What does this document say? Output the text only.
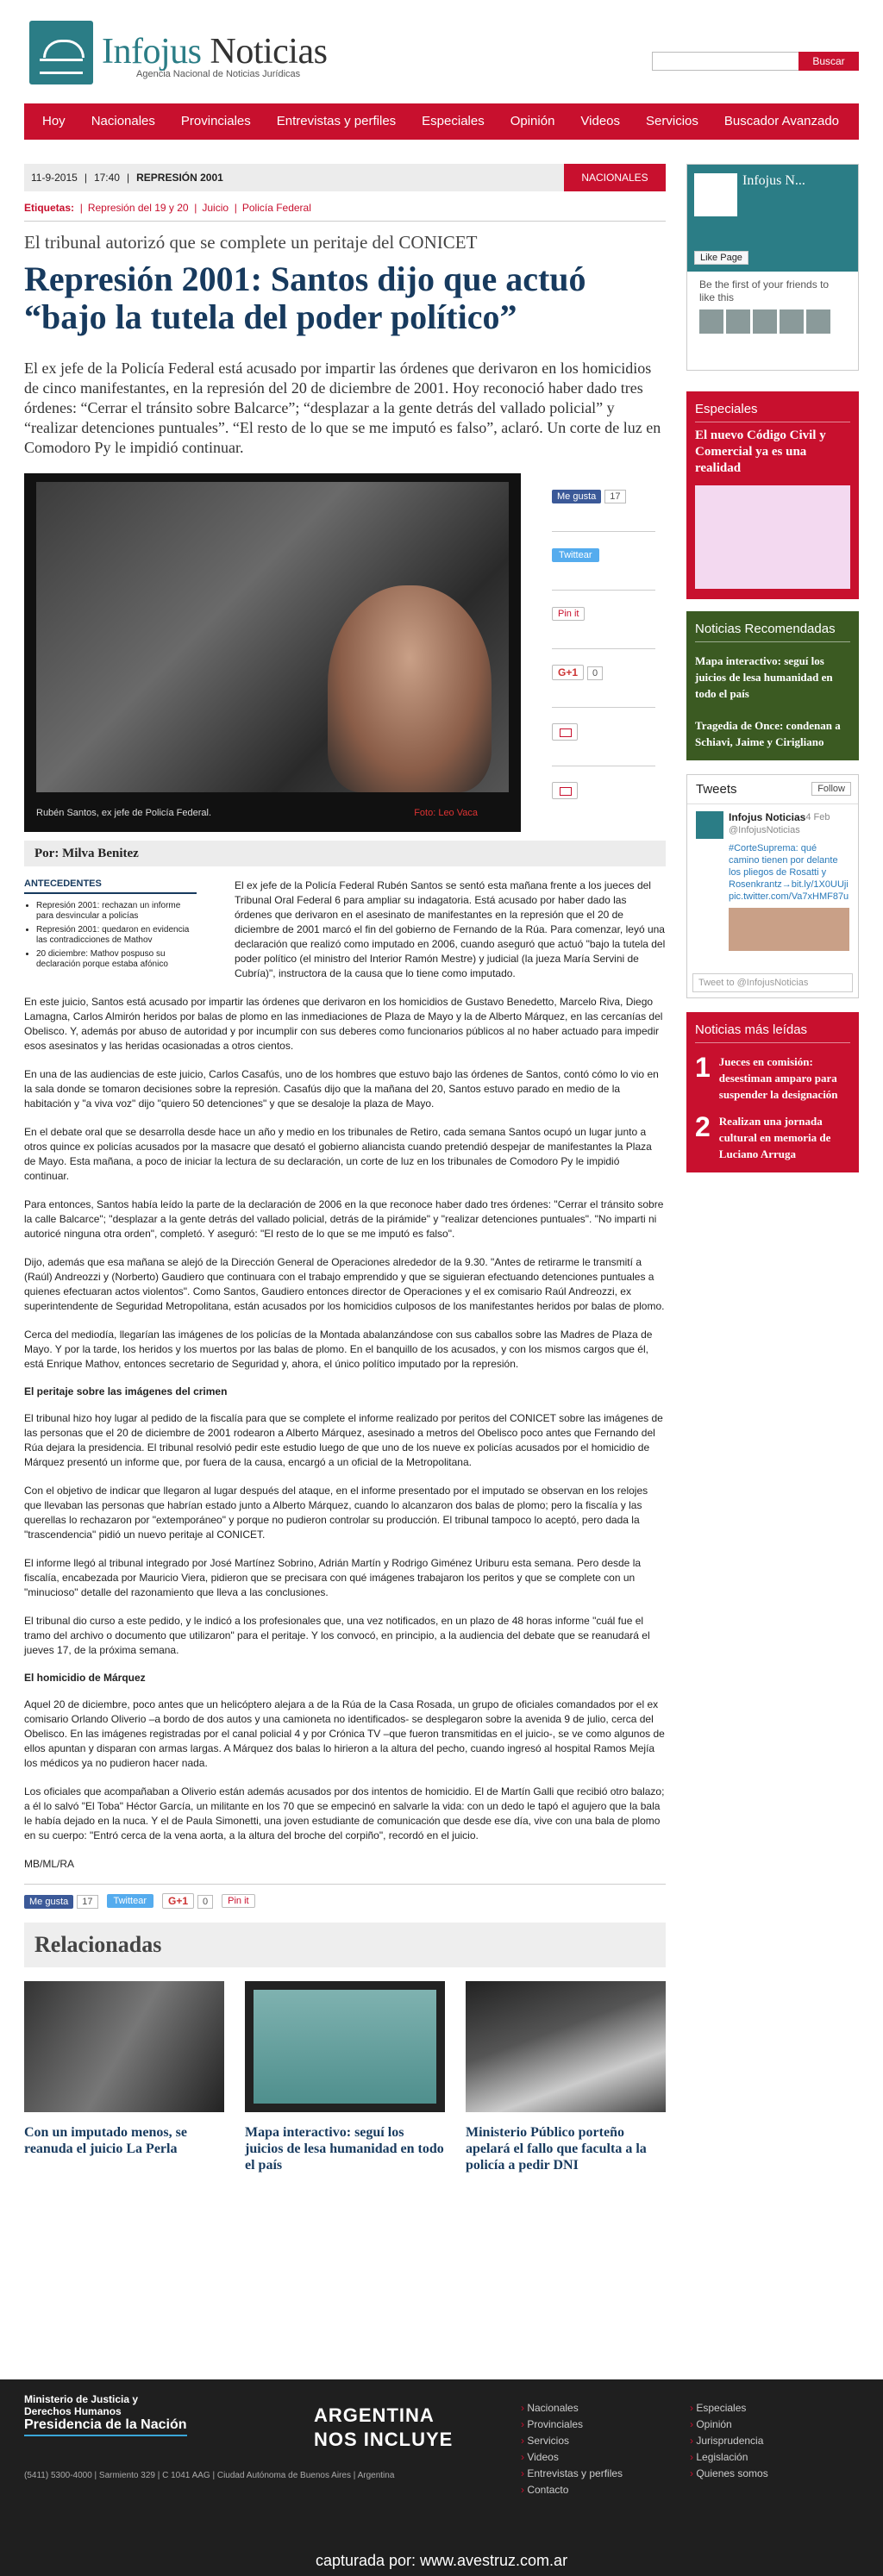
Infojus Noticias
Agencia Nacional de Noticias Jurídicas
Buscar
Hoy	Nacionales	Provinciales	Entrevistas y perfiles	Especiales	Opinión	Videos	Servicios	Buscador Avanzado
11-9-2015 | 17:40 | REPRESIÓN 2001	NACIONALES
Etiquetas:  | Represión del 19 y 20  | Juicio  | Policía Federal
El tribunal autorizó que se complete un peritaje del CONICET
Represión 2001: Santos dijo que actuó “bajo la tutela del poder político”
El ex jefe de la Policía Federal está acusado por impartir las órdenes que derivaron en los homicidios de cinco manifestantes, en la represión del 20 de diciembre de 2001. Hoy reconoció haber dado tres órdenes: “Cerrar el tránsito sobre Balcarce”; “desplazar a la gente detrás del vallado policial” y “realizar detenciones puntuales”. “El resto de lo que se me imputó es falso”, aclaró. Un corte de luz en Comodoro Py le impidió continuar.
Rubén Santos, ex jefe de Policía Federal.	Foto: Leo Vaca
Me gusta 17
Twittear
Pin it
G+1 0
Por: Milva Benitez
ANTECEDENTES
• Represión 2001: rechazan un informe para desvincular a policías
• Represión 2001: quedaron en evidencia las contradicciones de Mathov
• 20 diciembre: Mathov pospuso su declaración porque estaba afónico
El ex jefe de la Policía Federal Rubén Santos se sentó esta mañana frente a los jueces del Tribunal Oral Federal 6 para ampliar su indagatoria. Está acusado por haber dado las órdenes que derivaron en el asesinato de manifestantes en la represión que el 20 de diciembre de 2001 marcó el fin del gobierno de Fernando de la Rúa. Para comenzar, leyó una declaración que realizó como imputado en 2006, cuando aseguró que actuó "bajo la tutela del poder político (el ministro del Interior Ramón Mestre) y judicial (la jueza María Servini de Cubría)", instructora de la causa que lo tiene como imputado.

En este juicio, Santos está acusado por impartir las órdenes que derivaron en los homicidios de Gustavo Benedetto, Marcelo Riva, Diego Lamagna, Carlos Almirón heridos por balas de plomo en las inmediaciones de Plaza de Mayo y la de Alberto Márquez, en las cercanías del Obelisco. Y, además por abuso de autoridad y por incumplir con sus deberes como funcionarios públicos al no haber actuado para impedir esos asesinatos y las heridas ocasionadas a otros cientos.

En una de las audiencias de este juicio, Carlos Casafús, uno de los hombres que estuvo bajo las órdenes de Santos, contó cómo lo vio en la sala donde se tomaron decisiones sobre la represión. Casafús dijo que la mañana del 20, Santos estuvo parado en medio de la habitación y "a viva voz" dijo "quiero 50 detenciones" y que se desaloje la plaza de Mayo.

En el debate oral que se desarrolla desde hace un año y medio en los tribunales de Retiro, cada semana Santos ocupó un lugar junto a otros quince ex policías acusados por la masacre que desató el gobierno aliancista cuando pretendió despejar de manifestantes la Plaza de Mayo. Esta mañana, a poco de iniciar la lectura de su declaración, un corte de luz en los tribunales de Comodoro Py le impidió continuar.

Para entonces, Santos había leído la parte de la declaración de 2006 en la que reconoce haber dado tres órdenes: "Cerrar el tránsito sobre la calle Balcarce"; "desplazar a la gente detrás del vallado policial, detrás de la pirámide" y "realizar detenciones puntuales". "No imparti ni autoricé ninguna otra orden", completó. Y aseguró: "El resto de lo que se me imputó es falso".

Dijo, además que esa mañana se alejó de la Dirección General de Operaciones alrededor de la 9.30. "Antes de retirarme le transmití a (Raúl) Andreozzi y (Norberto) Gaudiero que continuara con el trabajo emprendido y que se siguieran efectuando detenciones puntuales a quienes efectuaran actos violentos". Como Santos, Gaudiero entonces director de Operaciones y el ex comisario Raúl Andreozzi, ex superintendente de Seguridad Metropolitana, están acusados por los homicidios culposos de los manifestantes heridos por balas de plomo.

Cerca del mediodía, llegarían las imágenes de los policías de la Montada abalanzándose con sus caballos sobre las Madres de Plaza de Mayo. Y por la tarde, los heridos y los muertos por las balas de plomo. En el banquillo de los acusados, y con los mismos cargos que él, está Enrique Mathov, entonces secretario de Seguridad y, ahora, el único político imputado por la represión.

El peritaje sobre las imágenes del crimen

El tribunal hizo hoy lugar al pedido de la fiscalía para que se complete el informe realizado por peritos del CONICET sobre las imágenes de las personas que el 20 de diciembre de 2001 rodearon a Alberto Márquez, asesinado a metros del Obelisco poco antes que Fernando del Rúa dejara la presidencia. El tribunal resolvió pedir este estudio luego de que uno de los nueve ex policías acusados por el homicidio de Márquez presentó un informe que, por fuera de la causa, encargó a un oficial de la Metropolitana.

Con el objetivo de indicar que llegaron al lugar después del ataque, en el informe presentado por el imputado se observan en los relojes que llevaban las personas que habrían estado junto a Alberto Márquez, cuando lo alcanzaron dos balas de plomo; pero la fiscalía y las querellas lo rechazaron por "extemporáneo" y porque no pudieron controlar su producción. El tribunal tampoco lo aceptó, pero dada la "trascendencia" pidió un nuevo peritaje al CONICET.

El informe llegó al tribunal integrado por José Martínez Sobrino, Adrián Martín y Rodrigo Giménez Uriburu esta semana. Pero desde la fiscalía, encabezada por Mauricio Viera, pidieron que se precisara con qué imágenes trabajaron los peritos y que se complete con un "minucioso" detalle del razonamiento que lleva a las conclusiones.

El tribunal dio curso a este pedido, y le indicó a los profesionales que, una vez notificados, en un plazo de 48 horas informe "cuál fue el tramo del archivo o documento que utilizaron" para el peritaje. Y los convocó, en principio, a la audiencia del debate que se reanudará el jueves 17, de la próxima semana.

El homicidio de Márquez

Aquel 20 de diciembre, poco antes que un helicóptero alejara a de la Rúa de la Casa Rosada, un grupo de oficiales comandados por el ex comisario Orlando Oliverio –a bordo de dos autos y una camioneta no identificados- se desplegaron sobre la avenida 9 de julio, cerca del Obelisco. En las imágenes registradas por el canal policial 4 y por Crónica TV –que fueron transmitidas en el juicio-, se ve como algunos de ellos apuntan y disparan con armas largas. A Márquez dos balas lo hirieron a la altura del pecho, cuando ingresó al hospital Ramos Mejía los médicos ya no pudieron hacer nada.

Los oficiales que acompañaban a Oliverio están además acusados por dos intentos de homicidio. El de Martín Galli que recibió otro balazo; a él lo salvó "El Toba" Héctor García, un militante en los 70 que se empecinó en salvarle la vida: con un dedo le tapó el agujero que la bala le había dejado en la nuca. Y el de Paula Simonetti, una joven estudiante de comunicación que desde ese día, vive con una bala de plomo en su cuerpo: "Entró cerca de la vena aorta, a la altura del broche del corpiño", recordó en el juicio.

MB/ML/RA

Me gusta 17	Twittear	G+1 0	Pin it
Relacionadas
Con un imputado menos, se reanuda el juicio La Perla
Mapa interactivo: seguí los juicios de lesa humanidad en todo el país
Ministerio Público porteño apelará el fallo que faculta a la policía a pedir DNI
Infojus N...
Like Page
Be the first of your friends to like this
Especiales
El nuevo Código Civil y Comercial ya es una realidad
Noticias Recomendadas
Mapa interactivo: seguí los juicios de lesa humanidad en todo el país
Tragedia de Once: condenan a Schiavi, Jaime y Cirigliano
Tweets	Follow
Infojus Noticias 4 Feb

@InfojusNoticias
#CorteSuprema: qué camino tienen por delante los pliegos de Rosatti y Rosenkrantz→bit.ly/1X0UUji pic.twitter.com/Va7xHMF87u
Tweet to @InfojusNoticias
Noticias más leídas
1 Jueces en comisión: desestiman amparo para suspender la designación
2 Realizan una jornada cultural en memoria de Luciano Arruga
Ministerio de Justicia y Derechos Humanos
Presidencia de la Nación	ARGENTINA
NOS INCLUYE
(5411) 5300-4000 | Sarmiento 329 | C 1041 AAG | Ciudad Autónoma de Buenos Aires | Argentina
› Nacionales
› Provinciales
› Servicios
› Videos
› Entrevistas y perfiles
› Contacto
› Especiales
› Opinión
› Jurisprudencia
› Legislación
› Quienes somos
capturada por: www.avestruz.com.ar
